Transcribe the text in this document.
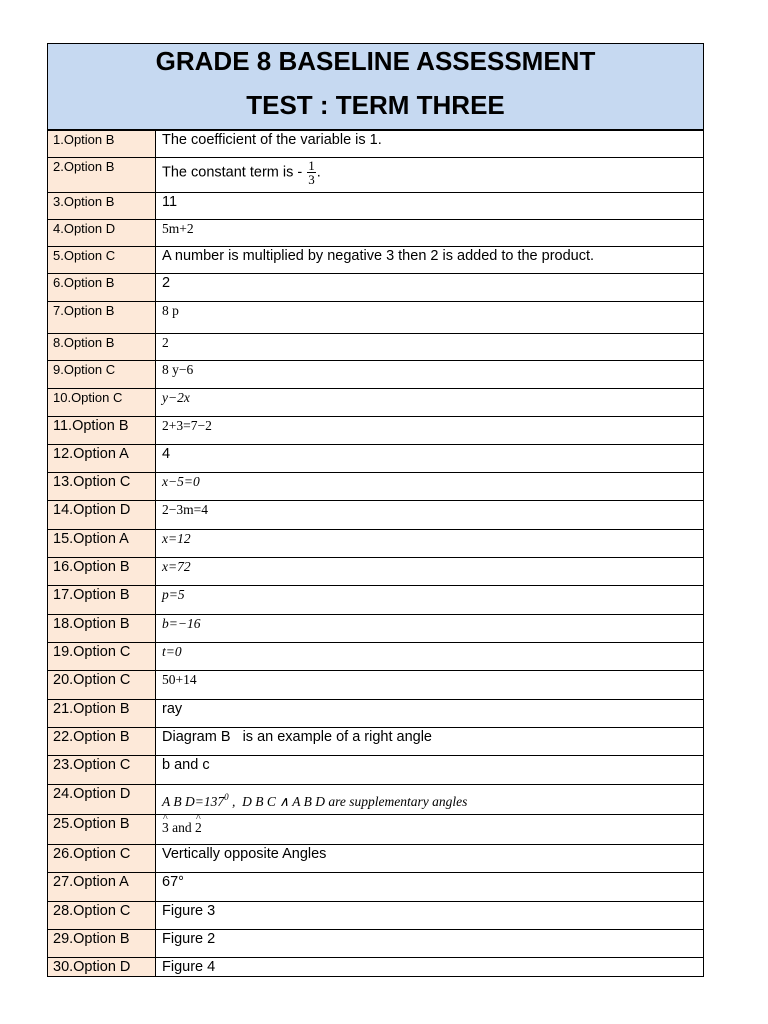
GRADE 8 BASELINE ASSESSMENT
TEST : TERM THREE
1.Option B	The coefficient of the variable is 1.
2.Option B	The constant term is - $\frac{1}{3}$ .
3.Option B	11
4.Option D	5m+2
5.Option C	A number is multiplied by negative 3 then 2 is added to the product.
6.Option B	2
7.Option B	8 p
8.Option B	2
9.Option C	8 y−6
10.Option C	y−2x
11.Option B	2+3=7−2
12.Option A	4
13.Option C	x−5=0
14.Option D	2−3m=4
15.Option A	x=12
16.Option B	x=72
17.Option B	p=5
18.Option B	b=−16
19.Option C	t=0
20.Option C	50+14
21.Option B	ray
22.Option B	Diagram B   is an example of a right angle
23.Option C	b and c
24.Option D	A B $D=137^0$ ,  D B C ∧ A B D are supplementary angles
25.Option B	^ 3 and ^ 2
26.Option C	Vertically opposite Angles
27.Option A	67°
28.Option C	Figure 3
29.Option B	Figure 2
30.Option D	Figure 4
